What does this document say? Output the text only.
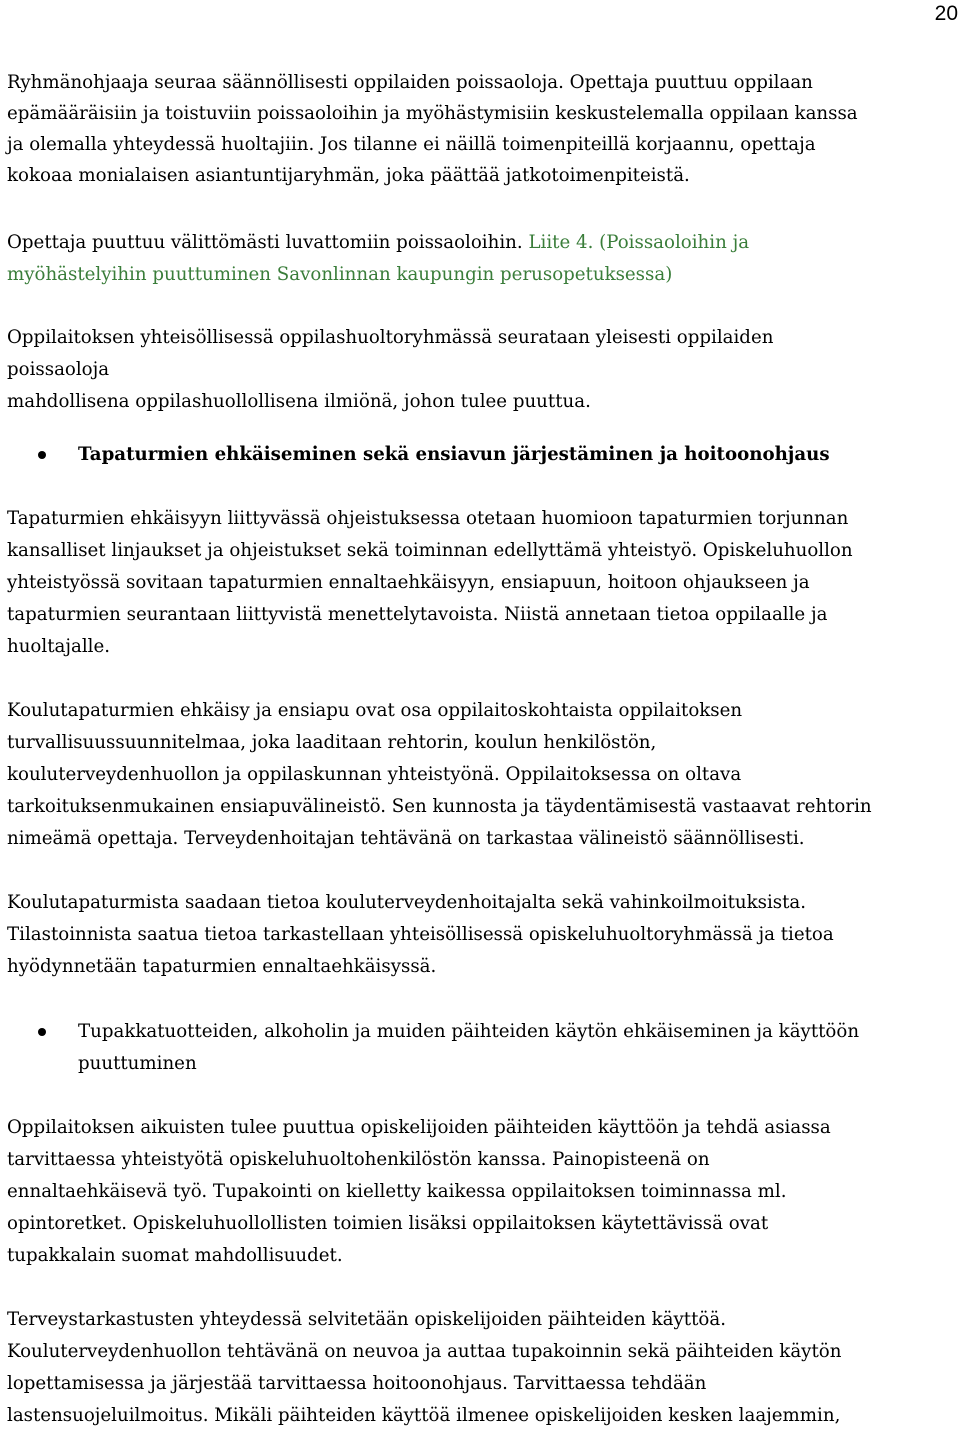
20

Ryhmänohjaaja seuraa säännöllisesti oppilaiden poissaoloja. Opettaja puuttuu oppilaan
epämääräisiin ja toistuviin poissaoloihin ja myöhästymisiin keskustelemalla oppilaan kanssa
ja olemalla yhteydessä huoltajiin. Jos tilanne ei näillä toimenpiteillä korjaannu, opettaja
kokoaa monialaisen asiantuntijaryhmän, joka päättää jatkotoimenpiteistä.

Opettaja puuttuu välittömästi luvattomiin poissaoloihin. Liite 4. (Poissaoloihin ja
myöhästelyihin puuttuminen Savonlinnan kaupungin perusopetuksessa)

Oppilaitoksen yhteisöllisessä oppilashuoltoryhmässä seurataan yleisesti oppilaiden
poissaoloja
mahdollisena oppilashuollollisena ilmiönä, johon tulee puuttua.

Tapaturmien ehkäiseminen sekä ensiavun järjestäminen ja hoitoonohjaus

Tapaturmien ehkäisyyn liittyvässä ohjeistuksessa otetaan huomioon tapaturmien torjunnan
kansalliset linjaukset ja ohjeistukset sekä toiminnan edellyttämä yhteistyö. Opiskeluhuollon
yhteistyössä sovitaan tapaturmien ennaltaehkäisyyn, ensiapuun, hoitoon ohjaukseen ja
tapaturmien seurantaan liittyvistä menettelytavoista. Niistä annetaan tietoa oppilaalle ja
huoltajalle.

Koulutapaturmien ehkäisy ja ensiapu ovat osa oppilaitoskohtaista oppilaitoksen
turvallisuussuunnitelmaa, joka laaditaan rehtorin, koulun henkilöstön,
kouluterveydenhuollon ja oppilaskunnan yhteistyönä. Oppilaitoksessa on oltava
tarkoituksenmukainen ensiapuvälineistö. Sen kunnosta ja täydentämisestä vastaavat rehtorin
nimeämä opettaja. Terveydenhoitajan tehtävänä on tarkastaa välineistö säännöllisesti.

Koulutapaturmista saadaan tietoa kouluterveydenhoitajalta sekä vahinkoilmoituksista.
Tilastoinnista saatua tietoa tarkastellaan yhteisöllisessä opiskeluhuoltoryhmässä ja tietoa
hyödynnetään tapaturmien ennaltaehkäisyssä.

Tupakkatuotteiden, alkoholin ja muiden päihteiden käytön ehkäiseminen ja käyttöön
puuttuminen

Oppilaitoksen aikuisten tulee puuttua opiskelijoiden päihteiden käyttöön ja tehdä asiassa
tarvittaessa yhteistyötä opiskeluhuoltohenkilöstön kanssa. Painopisteenä on
ennaltaehkäisevä työ. Tupakointi on kielletty kaikessa oppilaitoksen toiminnassa ml.
opintoretket. Opiskeluhuollollisten toimien lisäksi oppilaitoksen käytettävissä ovat
tupakkalain suomat mahdollisuudet.

Terveystarkastusten yhteydessä selvitetään opiskelijoiden päihteiden käyttöä.
Kouluterveydenhuollon tehtävänä on neuvoa ja auttaa tupakoinnin sekä päihteiden käytön
lopettamisessa ja järjestää tarvittaessa hoitoonohjaus. Tarvittaessa tehdään
lastensuojeluilmoitus. Mikäli päihteiden käyttöä ilmenee opiskelijoiden kesken laajemmin,
